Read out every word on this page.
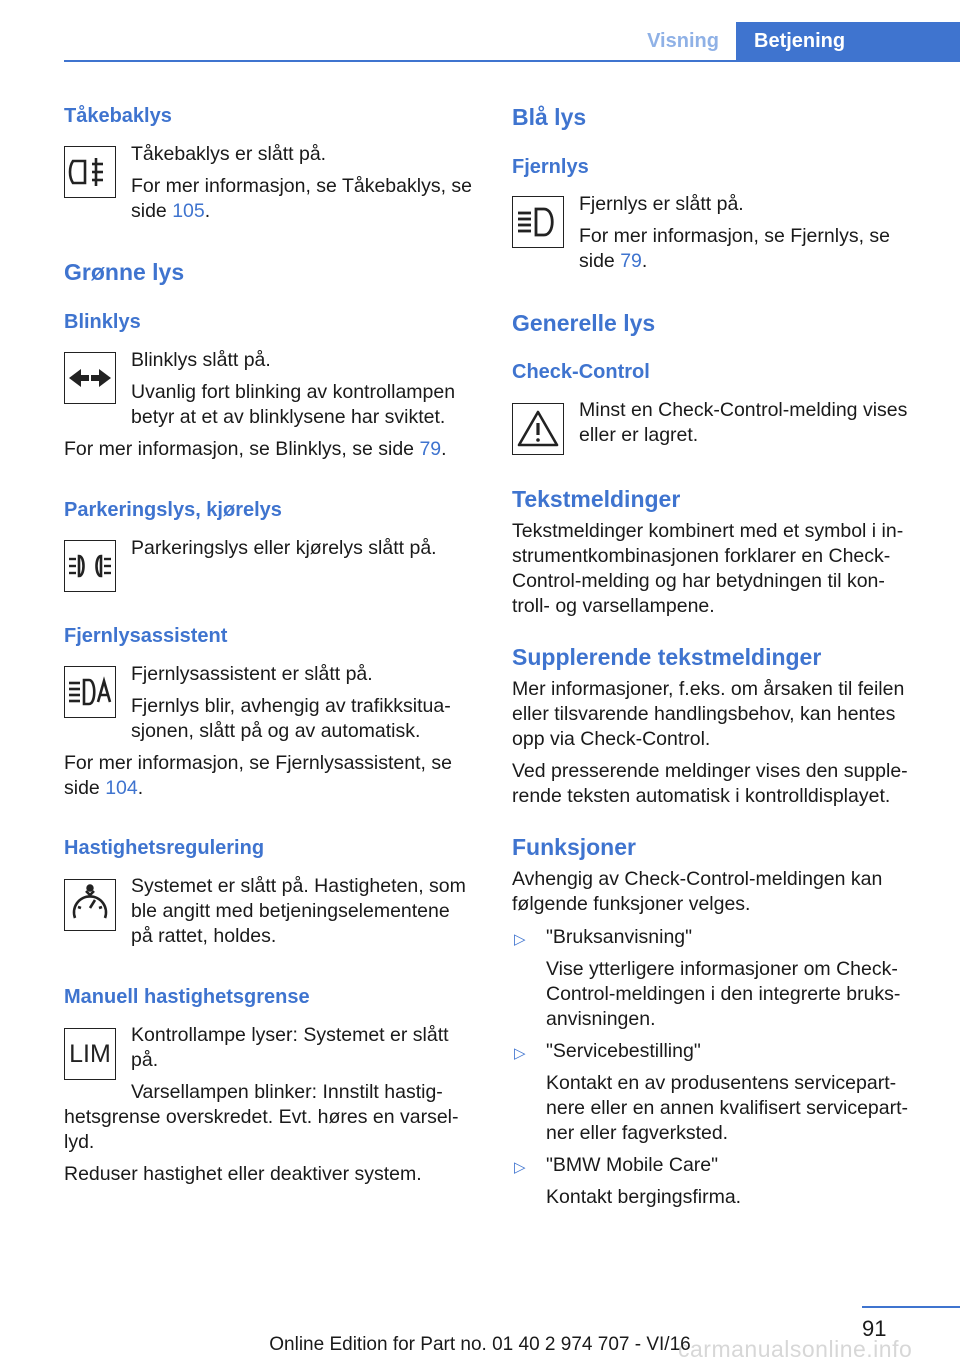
Visning	Betjening
Tåkebaklys
Tåkebaklys er slått på.
For mer informasjon, se Tåkebaklys, se
side 105.
Grønne lys
Blinklys
Blinklys slått på.
Uvanlig fort blinking av kontrollampen
betyr at et av blinklysene har sviktet.
For mer informasjon, se Blinklys, se side 79.
Parkeringslys, kjørelys
Parkeringslys eller kjørelys slått på.
Fjernlysassistent
Fjernlysassistent er slått på.
Fjernlys blir, avhengig av trafikksitua-
sjonen, slått på og av automatisk.
For mer informasjon, se Fjernlysassistent, se
side 104.
Hastighetsregulering
Systemet er slått på. Hastigheten, som
ble angitt med betjeningselementene
på rattet, holdes.
Manuell hastighetsgrense
LIM
Kontrollampe lyser: Systemet er slått
på.
Varsellampen blinker: Innstilt hastig-
hetsgrense overskredet. Evt. høres en varsel-
lyd.
Reduser hastighet eller deaktiver system.
Blå lys
Fjernlys
Fjernlys er slått på.
For mer informasjon, se Fjernlys, se
side 79.
Generelle lys
Check-Control
Minst en Check-Control-melding vises
eller er lagret.
Tekstmeldinger
Tekstmeldinger kombinert med et symbol i in-
strumentkombinasjonen forklarer en Check-
Control-melding og har betydningen til kon-
troll- og varsellampene.
Supplerende tekstmeldinger
Mer informasjoner, f.eks. om årsaken til feilen
eller tilsvarende handlingsbehov, kan hentes
opp via Check-Control.
Ved presserende meldinger vises den supple-
rende teksten automatisk i kontrolldisplayet.
Funksjoner
Avhengig av Check-Control-meldingen kan
følgende funksjoner velges.
▷ "Bruksanvisning"
Vise ytterligere informasjoner om Check-
Control-meldingen i den integrerte bruks-
anvisningen.
▷ "Servicebestilling"
Kontakt en av produsentens servicepart-
nere eller en annen kvalifisert servicepart-
ner eller fagverksted.
▷ "BMW Mobile Care"
Kontakt bergingsfirma.
91
carmanualsonline.info
Online Edition for Part no. 01 40 2 974 707 - VI/16
